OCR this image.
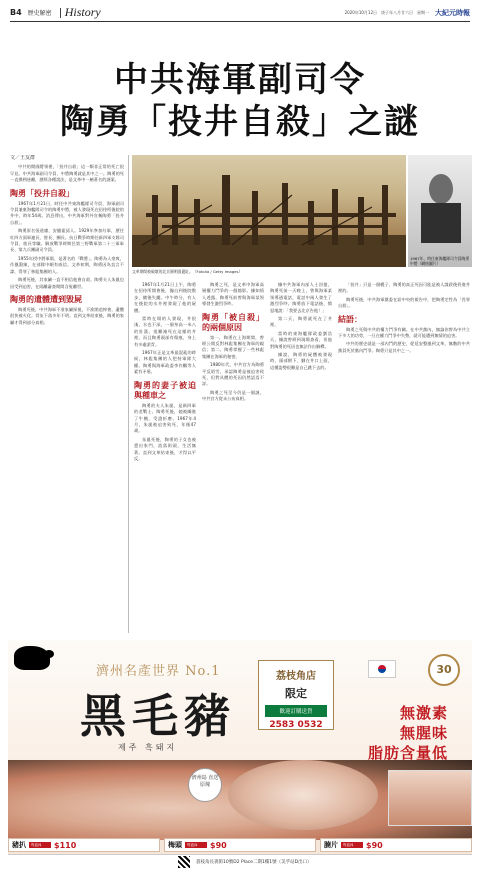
B4 歷史解密 History	2020年10月12日　庚子年八月廿六日　星期一 大紀元時報
中共海軍副司令
陶勇「投井自殺」之謎
文／王友群

中共的開國將領裡，「投井自殺」這一類非正常的死亡很罕見。中共海軍副司令員、中將陶勇就是其中之一。陶勇的死一直撲朔迷離，歷經各種說法，是文革中一樁著名的謎案。

陶勇「投井自殺」

1967年1月21日，時任中共東海艦隊司令員、海軍副司令員兼東海艦隊司令的陶勇中將，被人發現死在招待所後院的井中，時年54歲。消息傳出，中共海軍對外宣稱陶勇「投井自殺」。

陶勇原名張道庸，安徽霍邱人。1929年參加紅軍，歷任紅四方面軍連長、營長、團長。抗日戰爭時期任新四軍支隊司令員、旅長等職。解放戰爭時期任第三野戰軍第二十三軍軍長、第九兵團副司令員。

1955年授中將軍銜，是著名的「戰將」。陶勇為人豪爽，作風潑辣，在部隊中頗有威信。文革初期，陶勇因為直言不諱，得罪了林彪集團的人。

陶勇死後，其家屬一直不相信他會自殺。陶勇夫人朱嵐也因受到迫害，在隔離審查期間含冤離世。

陶勇的遺體遭到毀屍

陶勇死後，中共海軍不准家屬探視，不准開追悼會，遺體很快被火化。骨灰下落多年不明。直到文革結束後，陶勇的家屬才得到部分真相。

1967年，時任東海艦隊司令員陶勇中將（網絡圖片）
文革期間被破壞的北京圓明園遺址。（Fotolia / Getty Images）

1967年1月21日上午，陶勇在招待所開會後，獨自到後院散步，隨後失蹤。中午時分，有人在後院的水井裡發現了他的屍體。

當時在場的人發現，井很淺，水也不深，一個身高一米八的壯漢，很難淹死在這樣的井裡。而且陶勇頭部有傷痕，身上有多處淤青。

1967年正是文革最混亂的時候，林彪集團的人把持軍隊大權。陶勇與海軍政委李作鵬等人素有矛盾。

陶勇的妻子被迫與種車之

陶勇的夫人朱嵐，是新四軍的老戰士。陶勇死後，她被關進了牛棚，受盡折磨。1967年4月，朱嵐被迫害致死，年僅47歲。

朱嵐死後，陶勇的子女也被趕出家門，流落街頭，生活無著。直到文革結束後，才得以平反。

陶勇之死，是文革中海軍高層權力鬥爭的一個縮影。據知情人透露，陶勇死前曾與海軍某領導發生激烈爭吵。

陶勇「被自殺」的兩個原因

第一，陶勇在上海期間，曾經公開反對林彪集團在海軍的親信；第二，陶勇掌握了一些林彪集團在海軍的秘密。

1980年代，中共官方為陶勇平反昭雪，承認陶勇是被迫害致死，但對具體的死因仍然語焉不詳。

陶勇之死至今仍是一個謎，中共官方從未公布真相。

據中共海軍內部人士回憶，陶勇死前一天晚上，曾與海軍某領導通電話，電話中兩人發生了激烈爭吵。陶勇放下電話後，憤怒地說：「我要去北京告他！」

第二天，陶勇就死在了井裡。

當時的東海艦隊政委劉浩天，據說曾經到現場查看，但他對陶勇的死因也無法作出解釋。

據說，陶勇的屍體被發現時，頭部朝下，腳在井口上面，這種姿勢很難是自己跳下去的。

「投井」只是一個幌子，陶勇的真正死因可能是被人謀殺後扔進井裡的。

陶勇死後，中共海軍黨委在給中央的報告中，把陶勇定性為「畏罪自殺」。

結語：

陶勇之死與中共的權力鬥爭有關。在中共黨內，無論你曾為中共立下多大的功勞，一旦在權力鬥爭中失勢，就可能遭到無情的迫害。

中共的歷史就是一部內鬥的歷史，從延安整風到文革，無數的中共黨員死於黨內鬥爭。陶勇只是其中之一。

濟州名產世界 No.1
黑毛豬
제주 흑돼지
荔枝角店
限定
歡迎訂購送貨
2583 0532
30
濟州島 直送 原塊
無激素
無腥味
脂肪含量低
豬扒	每盒/$	$110	梅頭	每盒/$	$90	腩片	每盒/$	$90
荔枝角長義街10號D2 Place二期1樓1號（美孚站D出口）
